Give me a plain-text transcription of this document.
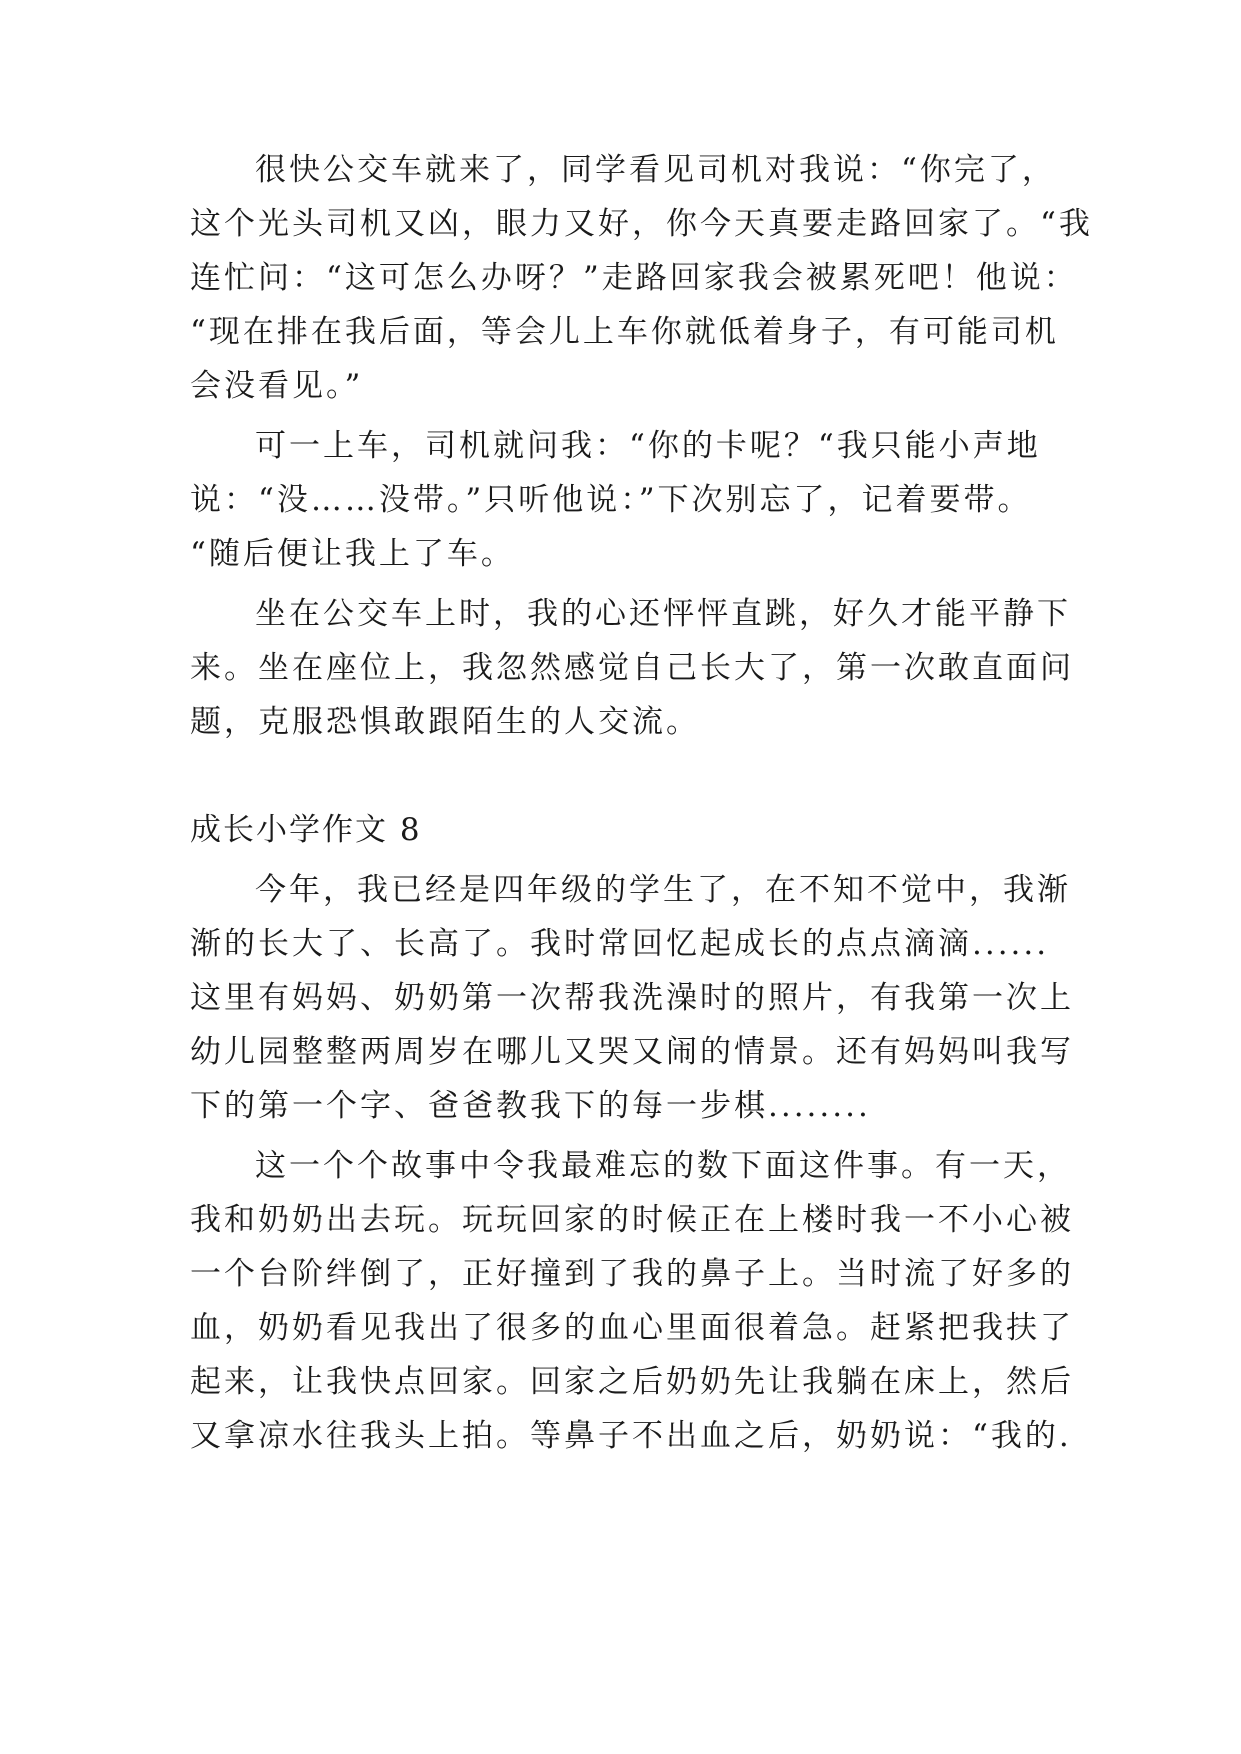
很快公交车就来了，同学看见司机对我说：“你完了，
这个光头司机又凶，眼力又好，你今天真要走路回家了。“我
连忙问：“这可怎么办呀？”走路回家我会被累死吧！他说：
“现在排在我后面，等会儿上车你就低着身子，有可能司机
会没看见。”
可一上车，司机就问我：“你的卡呢？“我只能小声地
说：“没……没带。”只听他说：”下次别忘了，记着要带。
“随后便让我上了车。
坐在公交车上时，我的心还怦怦直跳，好久才能平静下
来。坐在座位上，我忽然感觉自己长大了，第一次敢直面问
题，克服恐惧敢跟陌生的人交流。
成长小学作文 8
今年，我已经是四年级的学生了，在不知不觉中，我渐
渐的长大了、长高了。我时常回忆起成长的点点滴滴......
这里有妈妈、奶奶第一次帮我洗澡时的照片，有我第一次上
幼儿园整整两周岁在哪儿又哭又闹的情景。还有妈妈叫我写
下的第一个字、爸爸教我下的每一步棋........
这一个个故事中令我最难忘的数下面这件事。有一天，
我和奶奶出去玩。玩玩回家的时候正在上楼时我一不小心被
一个台阶绊倒了，正好撞到了我的鼻子上。当时流了好多的
血，奶奶看见我出了很多的血心里面很着急。赶紧把我扶了
起来，让我快点回家。回家之后奶奶先让我躺在床上，然后
又拿凉水往我头上拍。等鼻子不出血之后，奶奶说：“我的.
